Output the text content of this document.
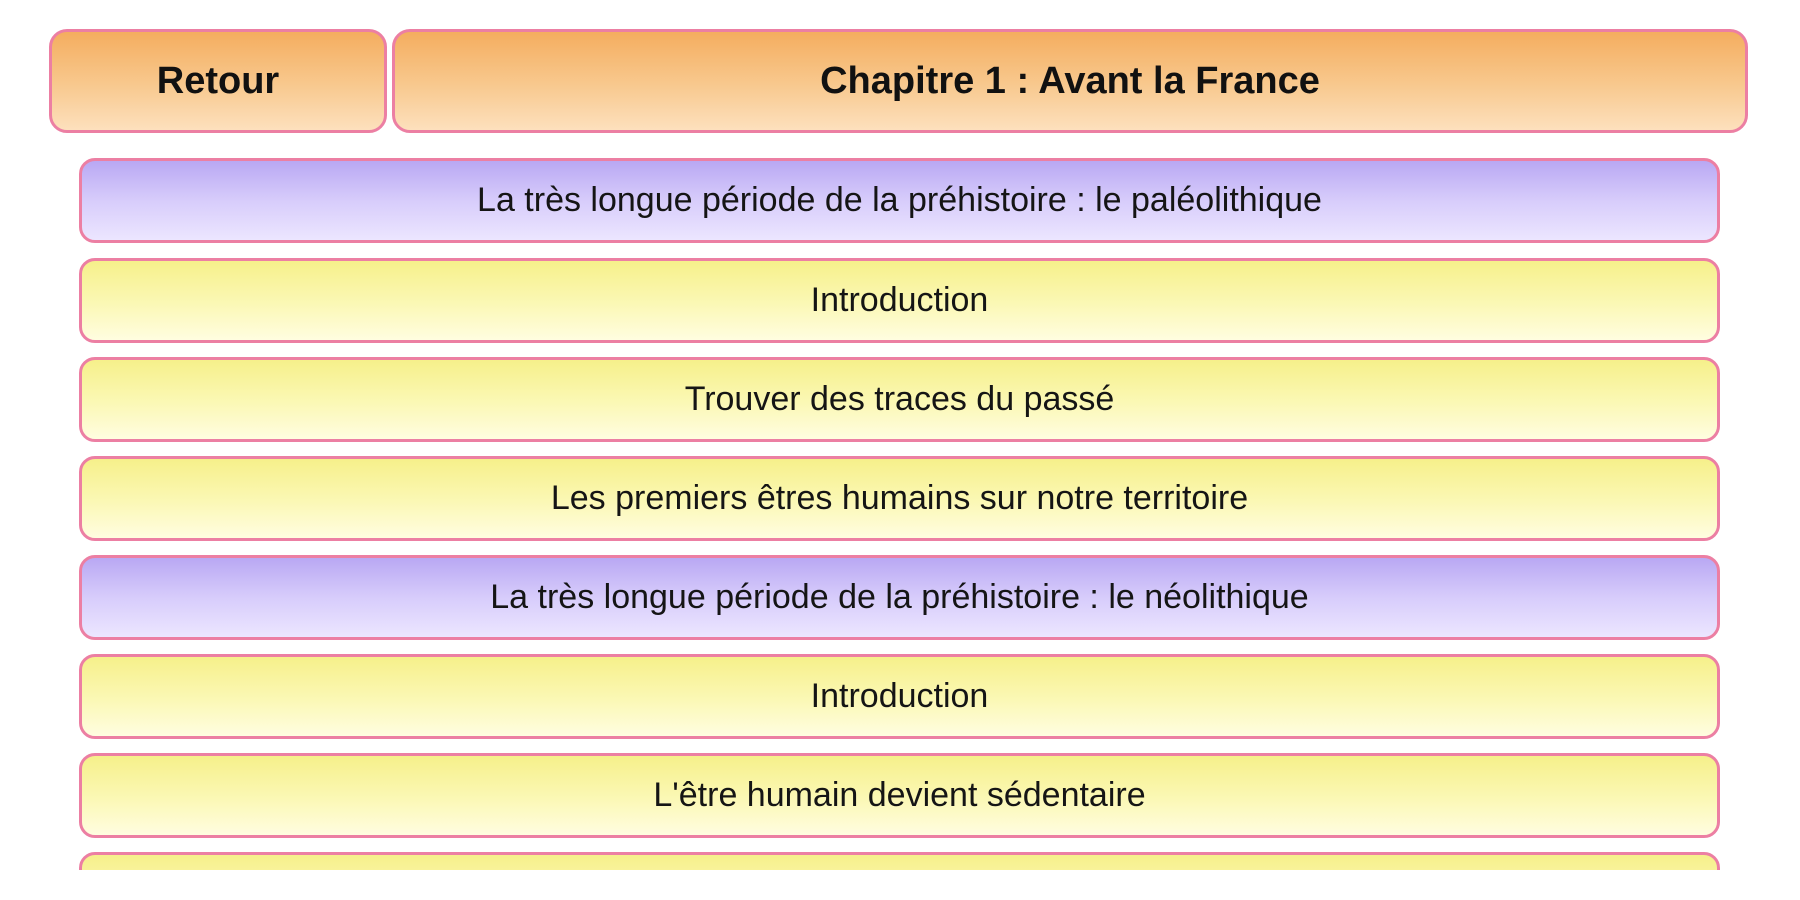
Retour	Chapitre 1 : Avant la France
La très longue période de la préhistoire : le paléolithique
Introduction
Trouver des traces du passé
Les premiers êtres humains sur notre territoire
La très longue période de la préhistoire : le néolithique
Introduction
L'être humain devient sédentaire
